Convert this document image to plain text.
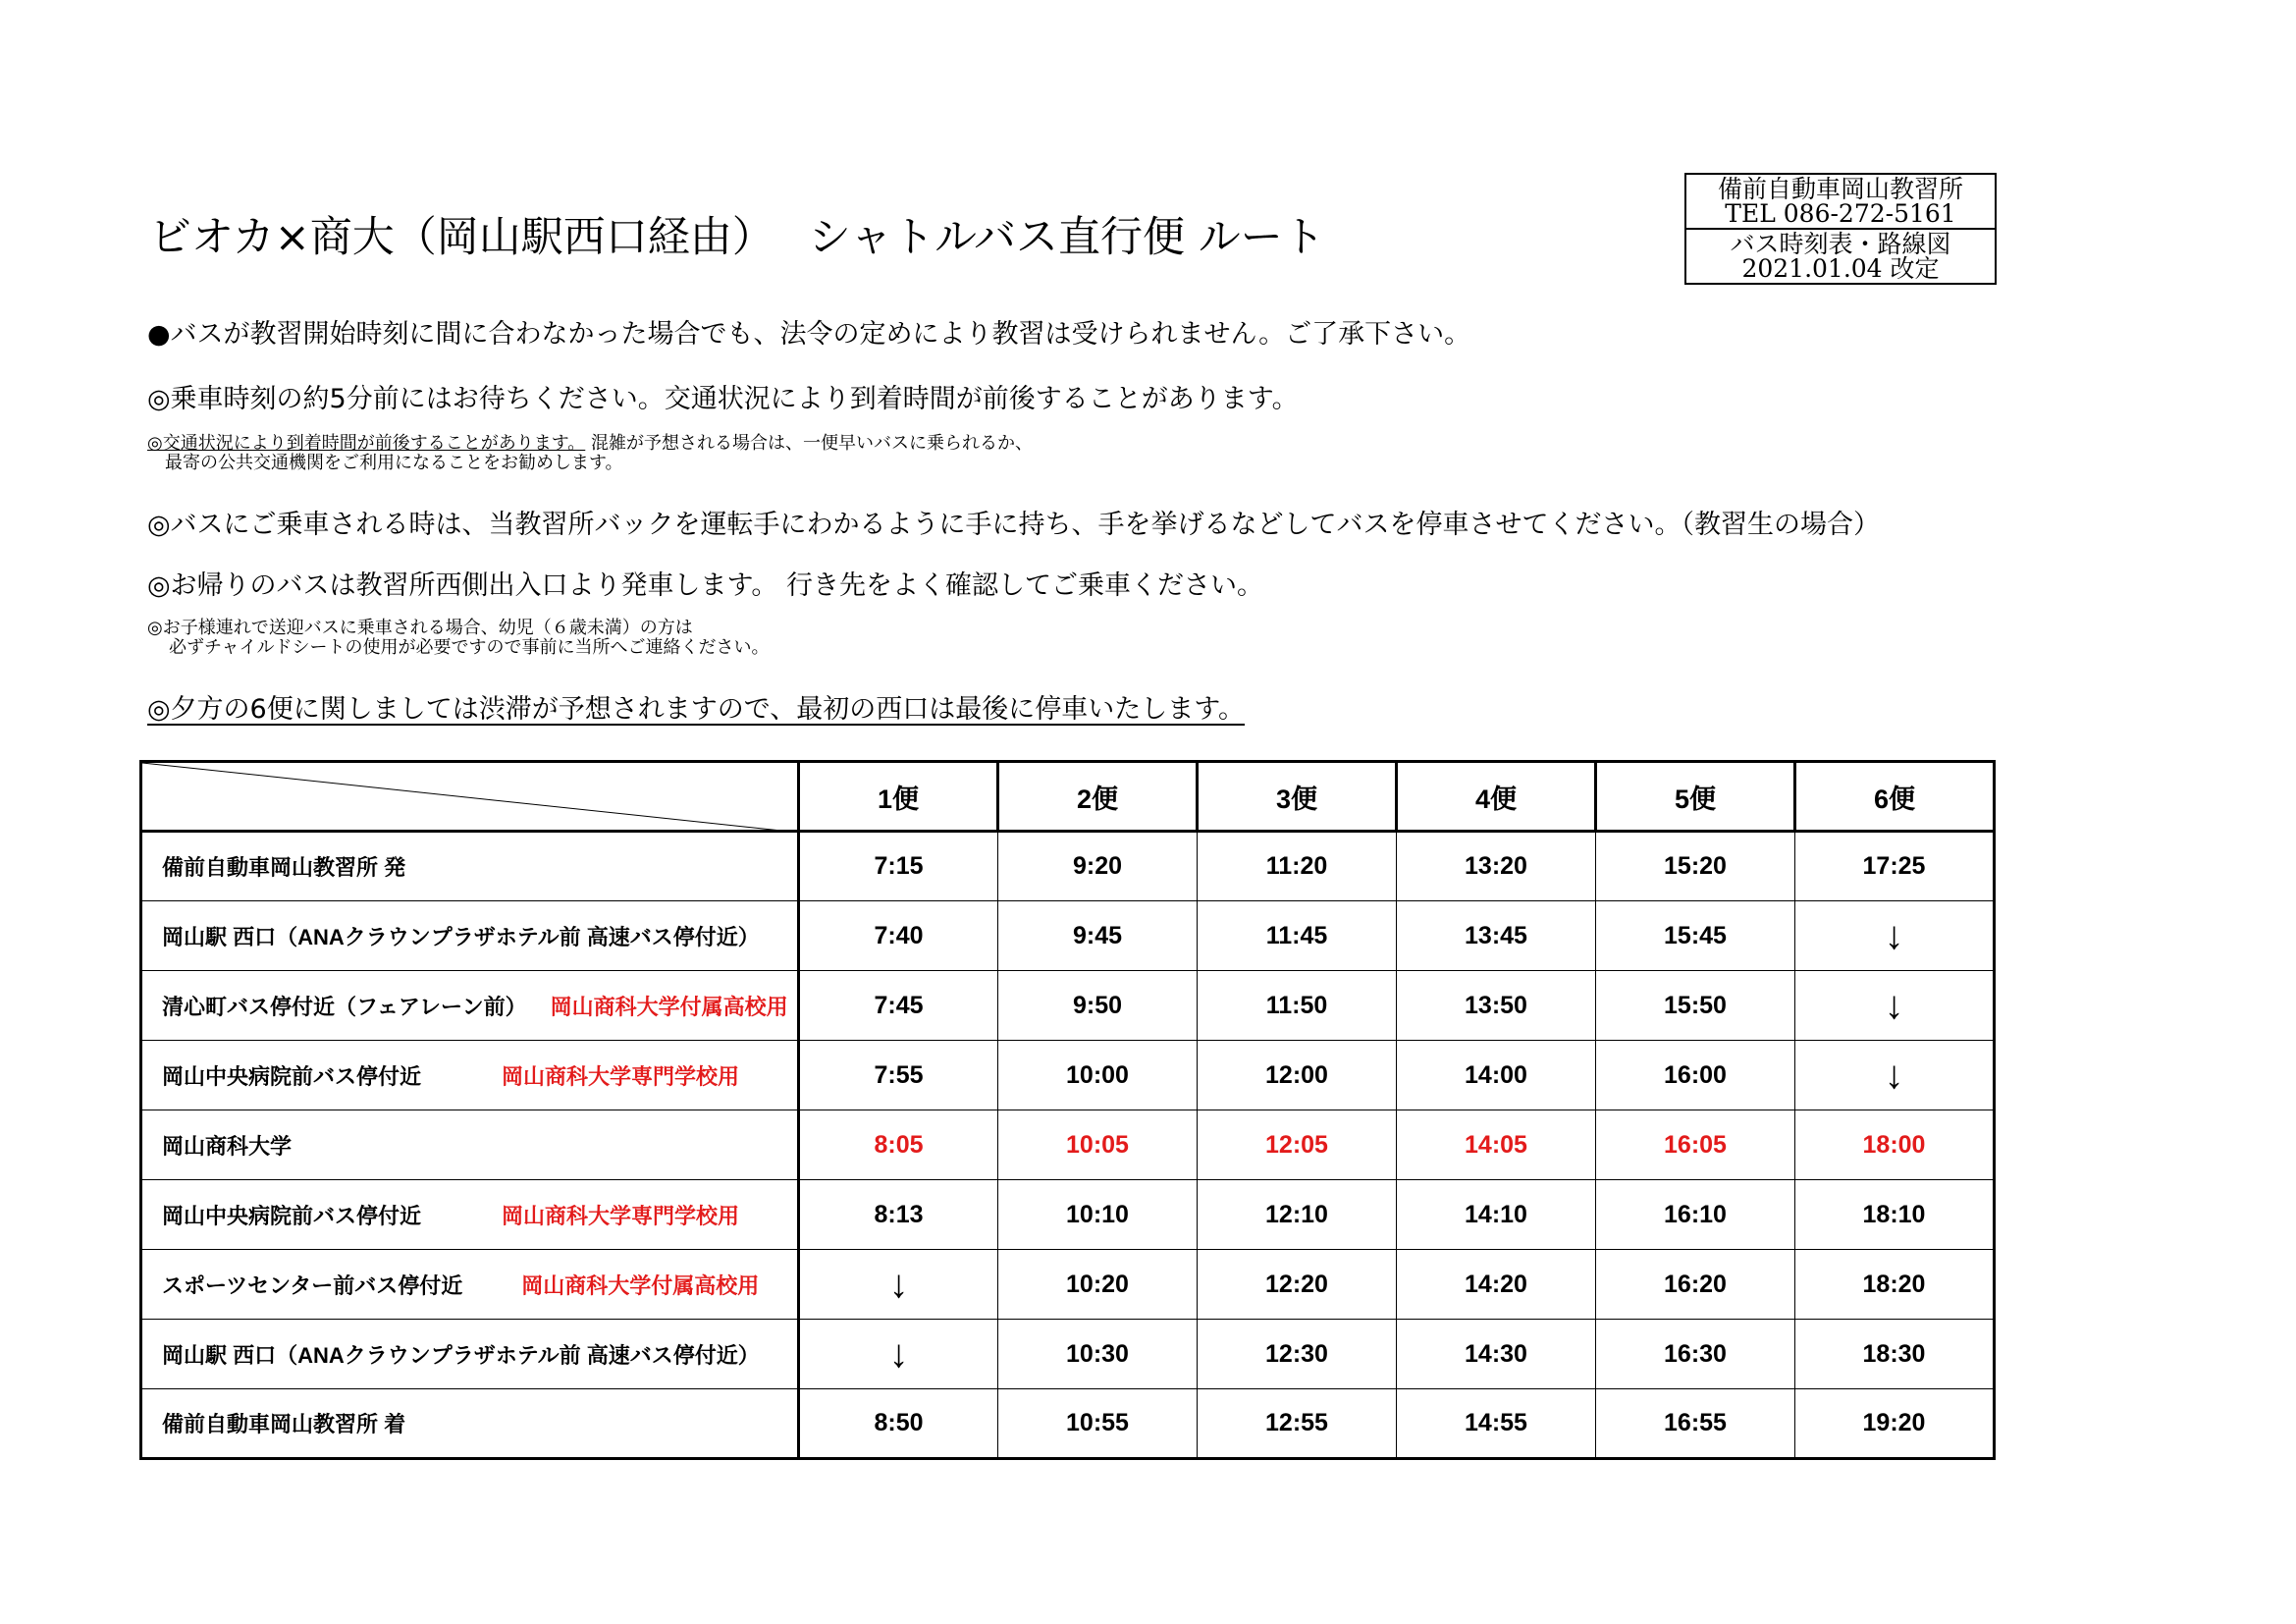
ビオカ×商大（岡山駅西口経由）　 シャトルバス直行便 ルート
備前自動車岡山教習所
TEL 086-272-5161
バス時刻表・路線図
2021.01.04 改定
●バスが教習開始時刻に間に合わなかった場合でも、法令の定めにより教習は受けられません。ご了承下さい。
◎乗車時刻の約5分前にはお待ちください。交通状況により到着時間が前後することがあります。
◎交通状況により到着時間が前後することがあります。 混雑が予想される場合は、一便早いバスに乗られるか、
最寄の公共交通機関をご利用になることをお勧めします。
◎バスにご乗車される時は、当教習所バックを運転手にわかるように手に持ち、手を挙げるなどしてバスを停車させてください。（教習生の場合）
◎お帰りのバスは教習所西側出入口より発車します。 行き先をよく確認してご乗車ください。
◎お子様連れで送迎バスに乗車される場合、幼児（６歳未満）の方は
必ずチャイルドシートの使用が必要ですので事前に当所へご連絡ください。
◎夕方の6便に関しましては渋滞が予想されますので、最初の西口は最後に停車いたします。
	1便	2便	3便	4便	5便	6便
備前自動車岡山教習所 発	7:15	9:20	11:20	13:20	15:20	17:25
岡山駅 西口（ANAクラウンプラザホテル前 高速バス停付近）	7:40	9:45	11:45	13:45	15:45	↓
清心町バス停付近（フェアレーン前） 岡山商科大学付属高校用	7:45	9:50	11:50	13:50	15:50	↓
岡山中央病院前バス停付近 岡山商科大学専門学校用	7:55	10:00	12:00	14:00	16:00	↓
岡山商科大学	8:05	10:05	12:05	14:05	16:05	18:00
岡山中央病院前バス停付近 岡山商科大学専門学校用	8:13	10:10	12:10	14:10	16:10	18:10
スポーツセンター前バス停付近 岡山商科大学付属高校用	↓	10:20	12:20	14:20	16:20	18:20
岡山駅 西口（ANAクラウンプラザホテル前 高速バス停付近）	↓	10:30	12:30	14:30	16:30	18:30
備前自動車岡山教習所 着	8:50	10:55	12:55	14:55	16:55	19:20
